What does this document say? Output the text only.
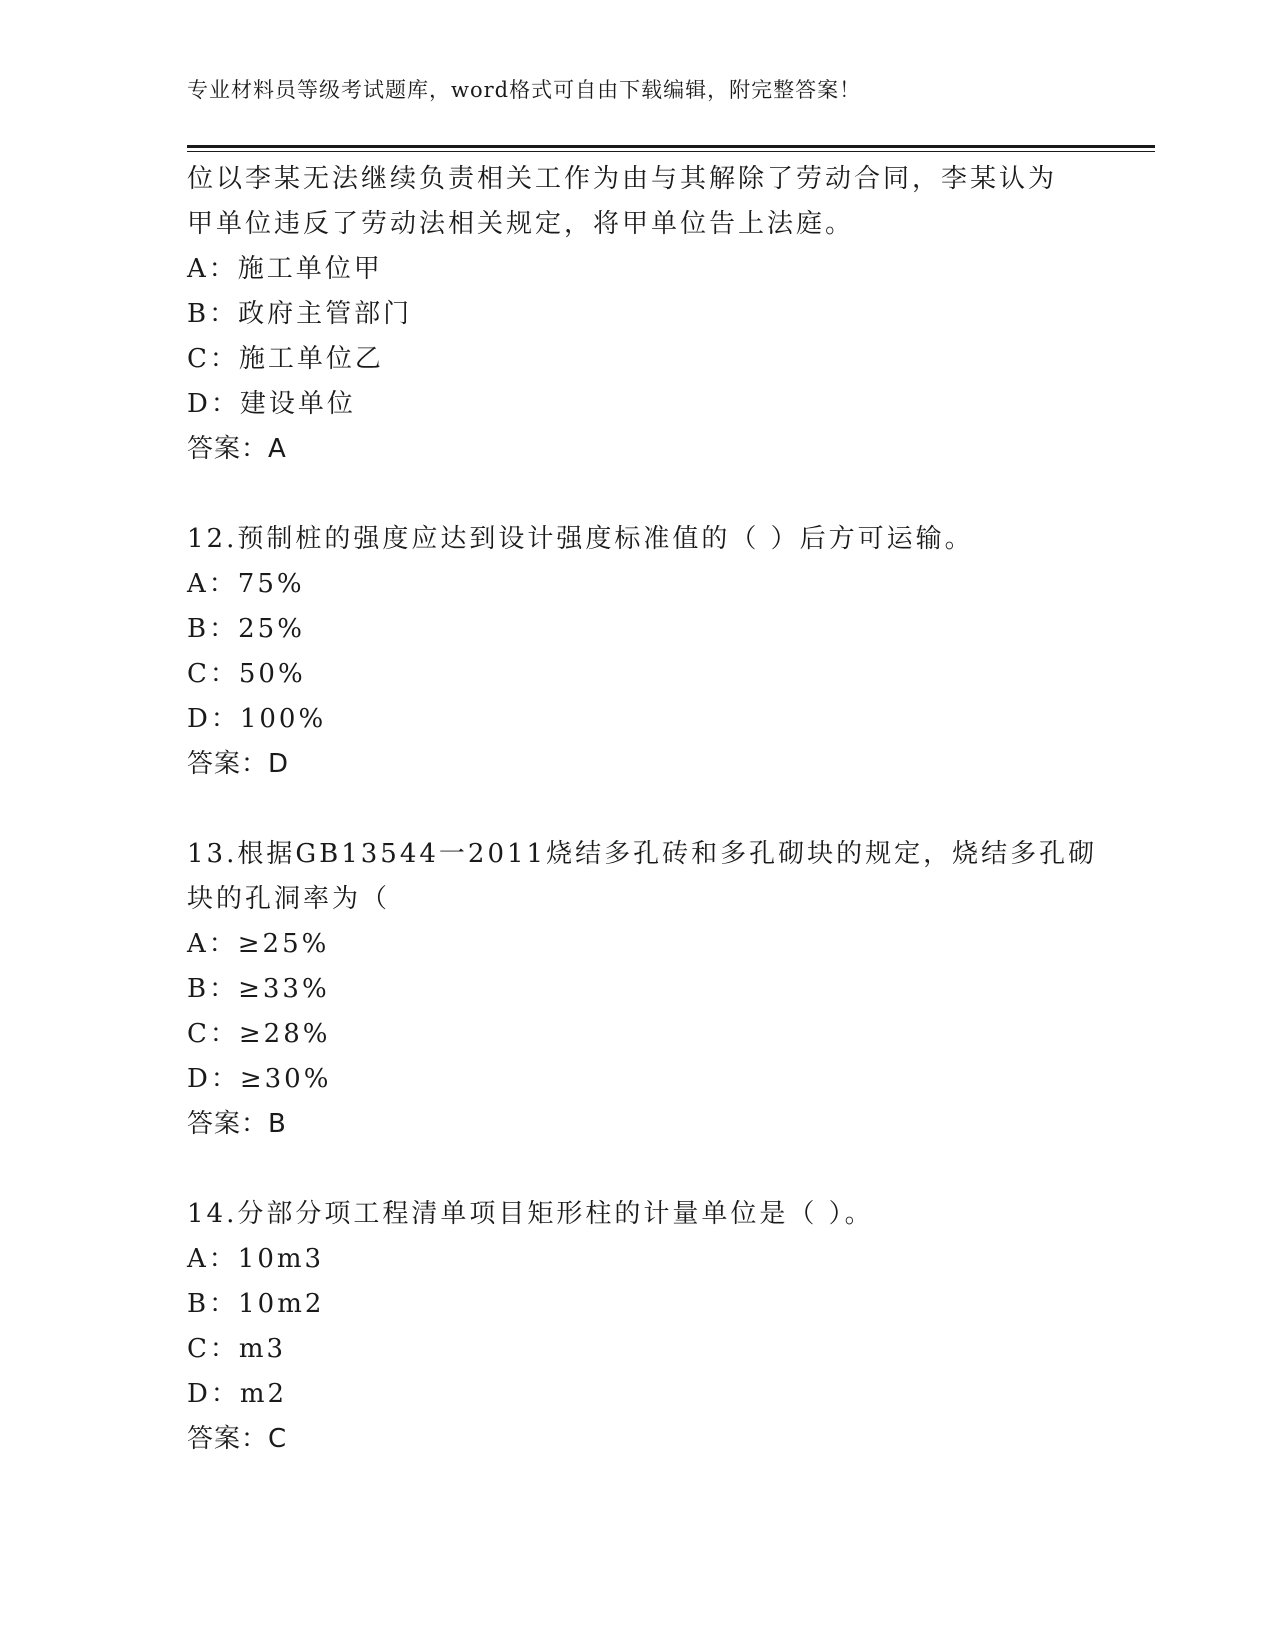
专业材料员等级考试题库，word格式可自由下载编辑，附完整答案！
位以李某无法继续负责相关工作为由与其解除了劳动合同，李某认为
甲单位违反了劳动法相关规定，将甲单位告上法庭。
A：施工单位甲
B：政府主管部门
C：施工单位乙
D：建设单位
答案：A
12.预制桩的强度应达到设计强度标准值的（ ）后方可运输。
A：75%
B：25%
C：50%
D：100%
答案：D
13.根据GB13544一2011烧结多孔砖和多孔砌块的规定，烧结多孔砌
块的孔洞率为（
A：≥25%
B：≥33%
C：≥28%
D：≥30%
答案：B
14.分部分项工程清单项目矩形柱的计量单位是（ ）。
A：10m3
B：10m2
C：m3
D：m2
答案：C
